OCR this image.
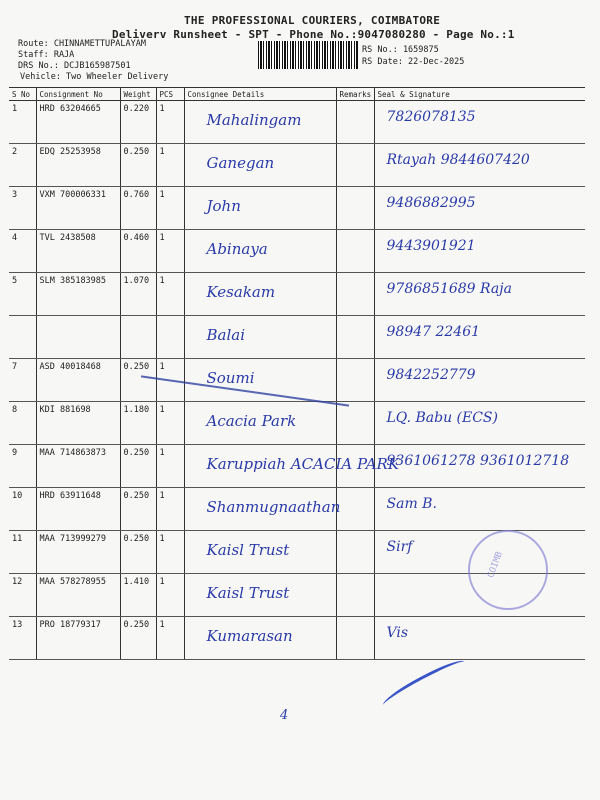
THE PROFESSIONAL COURIERS, COIMBATORE
Deliverv Runsheet - SPT - Phone No.:9047080280 - Page No.:1
Route: CHINNAMETTUPALAYAM
Staff: RAJA
DRS No.: DCJB165987501
Vehicle: Two Wheeler Delivery
RS No.: 1659875
RS Date: 22-Dec-2025
S No	Consignment No	Weight	PCS	Consignee Details	Remarks	Seal & Signature
1	HRD 63204665	0.220	1	Mahalingam		7826078135

2	EDQ 25253958	0.250	1	Ganegan		Rtayah 9844607420

3	VXM 700006331	0.760	1	John		9486882995

4	TVL 2438508	0.460	1	Abinaya		9443901921

5	SLM 385183985	1.070	1	Kesakam		9786851689 Raja

				Balai		98947 22461

7	ASD 40018468	0.250	1	Soumi		9842252779

8	KDI 881698	1.180	1	Acacia Park		LQ. Babu (ECS)

9	MAA 714863873	0.250	1	Karuppiah ACACIA PARK		9361061278 9361012718

10	HRD 63911648	0.250	1	Shanmugnaathan		Sam B.

11	MAA 713999279	0.250	1	Kaisl Trust		Sirf

12	MAA 578278955	1.410	1	Kaisl Trust		

13	PRO 18779317	0.250	1	Kumarasan		Vis
COIMB
4
